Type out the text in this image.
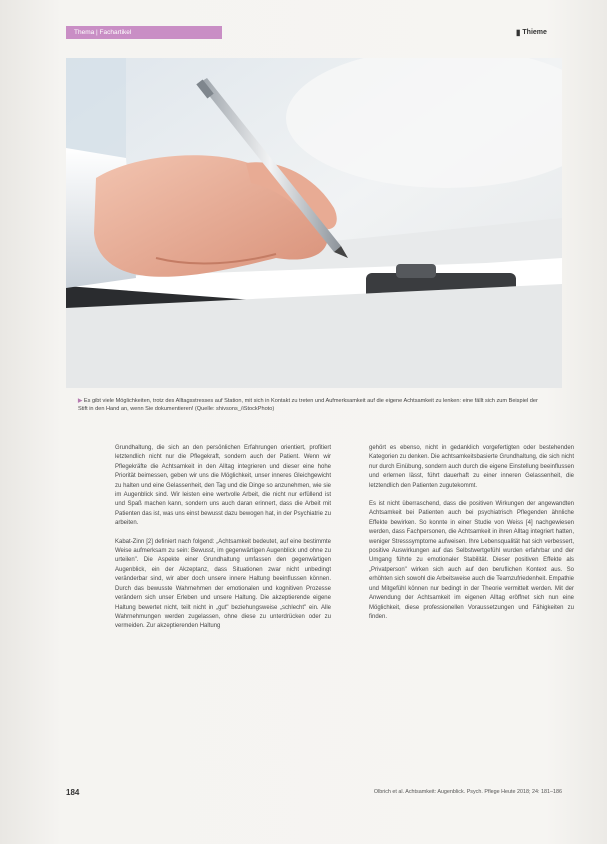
Thema | Fachartikel	▮ Thieme
▶ Es gibt viele Möglichkeiten, trotz des Alltagsstresses auf Station, mit sich in Kontakt zu treten und Aufmerksamkeit auf die eigene Achtsamkeit zu lenken: eine fällt sich zum Beispiel der Stift in den Hand an, wenn Sie dokumentieren! (Quelle: shivsons_/iStockPhoto)

Grundhaltung, die sich an den persönlichen Erfahrungen orientiert, profitiert letztendlich nicht nur die Pflegekraft, sondern auch der Patient. Wenn wir Pflegekräfte die Achtsamkeit in den Alltag integrieren und dieser eine hohe Priorität beimessen, geben wir uns die Möglichkeit, unser inneres Gleichgewicht zu halten und eine Gelassenheit, den Tag und die Dinge so anzunehmen, wie sie im Augenblick sind. Wir leisten eine wertvolle Arbeit, die nicht nur erfüllend ist und Spaß machen kann, sondern uns auch daran erinnert, dass die Arbeit mit Patienten das ist, was uns einst bewusst dazu bewogen hat, in der Psychiatrie zu arbeiten.

Kabat-Zinn [2] definiert nach folgend: „Achtsamkeit bedeutet, auf eine bestimmte Weise aufmerksam zu sein: Bewusst, im gegenwärtigen Augenblick und ohne zu urteilen". Die Aspekte einer Grundhaltung umfassen den gegenwärtigen Augenblick, ein der Akzeptanz, dass Situationen zwar nicht unbedingt veränderbar sind, wir aber doch unsere innere Haltung beeinflussen können. Durch das bewusste Wahrnehmen der emotionalen und kognitiven Prozesse verändern sich unser Erleben und unsere Haltung. Die akzeptierende eigene Haltung bewertet nicht, teilt nicht in „gut" beziehungsweise „schlecht" ein. Alle Wahrnehmungen werden zugelassen, ohne diese zu unterdrücken oder zu vermeiden. Zur akzeptierenden Haltung

gehört es ebenso, nicht in gedanklich vorgefertigten oder bestehenden Kategorien zu denken. Die achtsamkeitsbasierte Grundhaltung, die sich nicht nur durch Einübung, sondern auch durch die eigene Einstellung beeinflussen und erlernen lässt, führt dauerhaft zu einer inneren Gelassenheit, die letztendlich den Patienten zugutekommt.

Es ist nicht überraschend, dass die positiven Wirkungen der angewandten Achtsamkeit bei Patienten auch bei psychiatrisch Pflegenden ähnliche Effekte bewirken. So konnte in einer Studie von Weiss [4] nachgewiesen werden, dass Fachpersonen, die Achtsamkeit in ihren Alltag integriert hatten, weniger Stresssymptome aufweisen. Ihre Lebensqualität hat sich verbessert, positive Auswirkungen auf das Selbstwertgefühl wurden erfahrbar und der Umgang führte zu emotionaler Stabilität. Dieser positiven Effekte als „Privatperson" wirken sich auch auf den beruflichen Kontext aus. So erhöhten sich sowohl die Arbeitsweise auch die Teamzufriedenheit. Empathie und Mitgefühl können nur bedingt in der Theorie vermittelt werden. Mit der Anwendung der Achtsamkeit im eigenen Alltag eröffnet sich nun eine Möglichkeit, diese professionellen Voraussetzungen und Fähigkeiten zu finden.

184	Olbrich et al. Achtsamkeit: Augenblick. Psych. Pflege Heute 2018; 24: 181–186
